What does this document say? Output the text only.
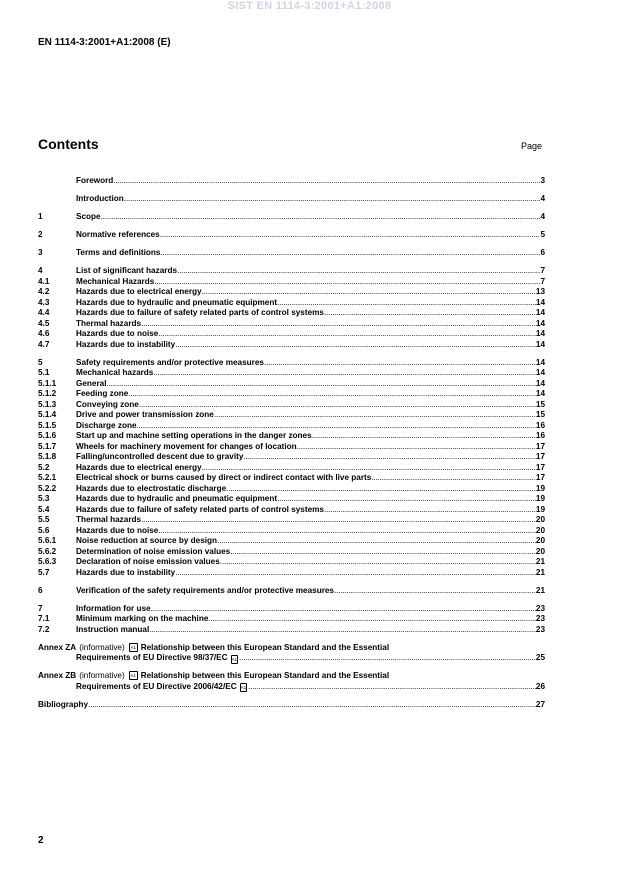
SIST EN 1114-3:2001+A1:2008
EN 1114-3:2001+A1:2008 (E)
Contents	Page
Foreword .....	3
Introduction .....	4
1	Scope .....	4
2	Normative references .....	5
3	Terms and definitions .....	6
4	List of significant hazards .....	7
4.1	Mechanical Hazards .....	7
4.2	Hazards due to electrical energy .....	13
4.3	Hazards due to hydraulic and pneumatic equipment .....	14
4.4	Hazards due to failure of safety related parts of control systems .....	14
4.5	Thermal hazards .....	14
4.6	Hazards due to noise .....	14
4.7	Hazards due to instability .....	14
5	Safety requirements and/or protective measures .....	14
5.1	Mechanical hazards .....	14
5.1.1	General .....	14
5.1.2	Feeding zone .....	14
5.1.3	Conveying zone .....	15
5.1.4	Drive and power transmission zone .....	15
5.1.5	Discharge zone .....	16
5.1.6	Start up and machine setting operations in the danger zones .....	16
5.1.7	Wheels for machinery movement for changes of location .....	17
5.1.8	Falling/uncontrolled descent due to gravity .....	17
5.2	Hazards due to electrical energy .....	17
5.2.1	Electrical shock or burns caused by direct or indirect contact with live parts .....	17
5.2.2	Hazards due to electrostatic discharge .....	19
5.3	Hazards due to hydraulic and pneumatic equipment .....	19
5.4	Hazards due to failure of safety related parts of control systems .....	19
5.5	Thermal hazards .....	20
5.6	Hazards due to noise .....	20
5.6.1	Noise reduction at source by design .....	20
5.6.2	Determination of noise emission values .....	20
5.6.3	Declaration of noise emission values .....	21
5.7	Hazards due to instability .....	21
6	Verification of the safety requirements and/or protective measures .....	21
7	Information for use .....	23
7.1	Minimum marking on the machine .....	23
7.2	Instruction manual .....	23
Annex ZA (informative)	A1 Relationship between this European Standard and the Essential
Requirements of EU Directive 98/37/EC A1 .....	25
Annex ZB (informative)	A1 Relationship between this European Standard and the Essential
Requirements of EU Directive 2006/42/EC A1 .....	26
Bibliography .....	27
2
